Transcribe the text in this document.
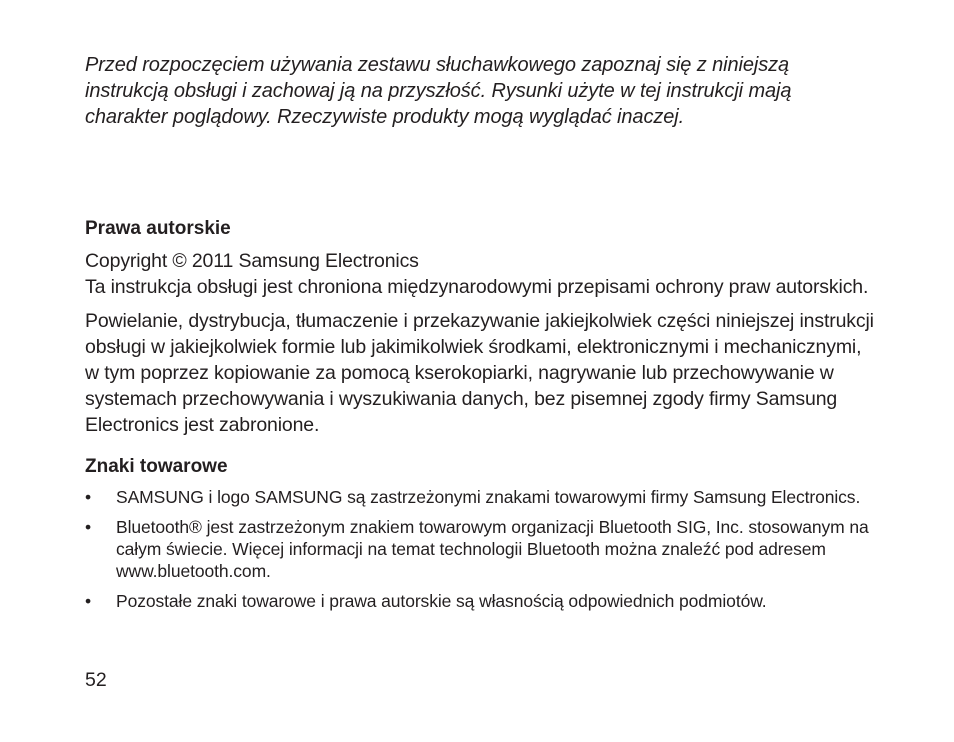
Przed rozpoczęciem używania zestawu słuchawkowego zapoznaj się z niniejszą instrukcją obsługi i zachowaj ją na przyszłość. Rysunki użyte w tej instrukcji mają charakter poglądowy. Rzeczywiste produkty mogą wyglądać inaczej.

Prawa autorskie

Copyright © 2011 Samsung Electronics

Ta instrukcja obsługi jest chroniona międzynarodowymi przepisami ochrony praw autorskich.

Powielanie, dystrybucja, tłumaczenie i przekazywanie jakiejkolwiek części niniejszej instrukcji obsługi w jakiejkolwiek formie lub jakimikolwiek środkami, elektronicznymi i mechanicznymi, w tym poprzez kopiowanie za pomocą kserokopiarki, nagrywanie lub przechowywanie w systemach przechowywania i wyszukiwania danych, bez pisemnej zgody firmy Samsung Electronics jest zabronione.

Znaki towarowe
•	SAMSUNG i logo SAMSUNG są zastrzeżonymi znakami towarowymi firmy Samsung Electronics.
•	Bluetooth® jest zastrzeżonym znakiem towarowym organizacji Bluetooth SIG, Inc. stosowanym na całym świecie. Więcej informacji na temat technologii Bluetooth można znaleźć pod adresem www.bluetooth.com.
•	Pozostałe znaki towarowe i prawa autorskie są własnością odpowiednich podmiotów.

52
